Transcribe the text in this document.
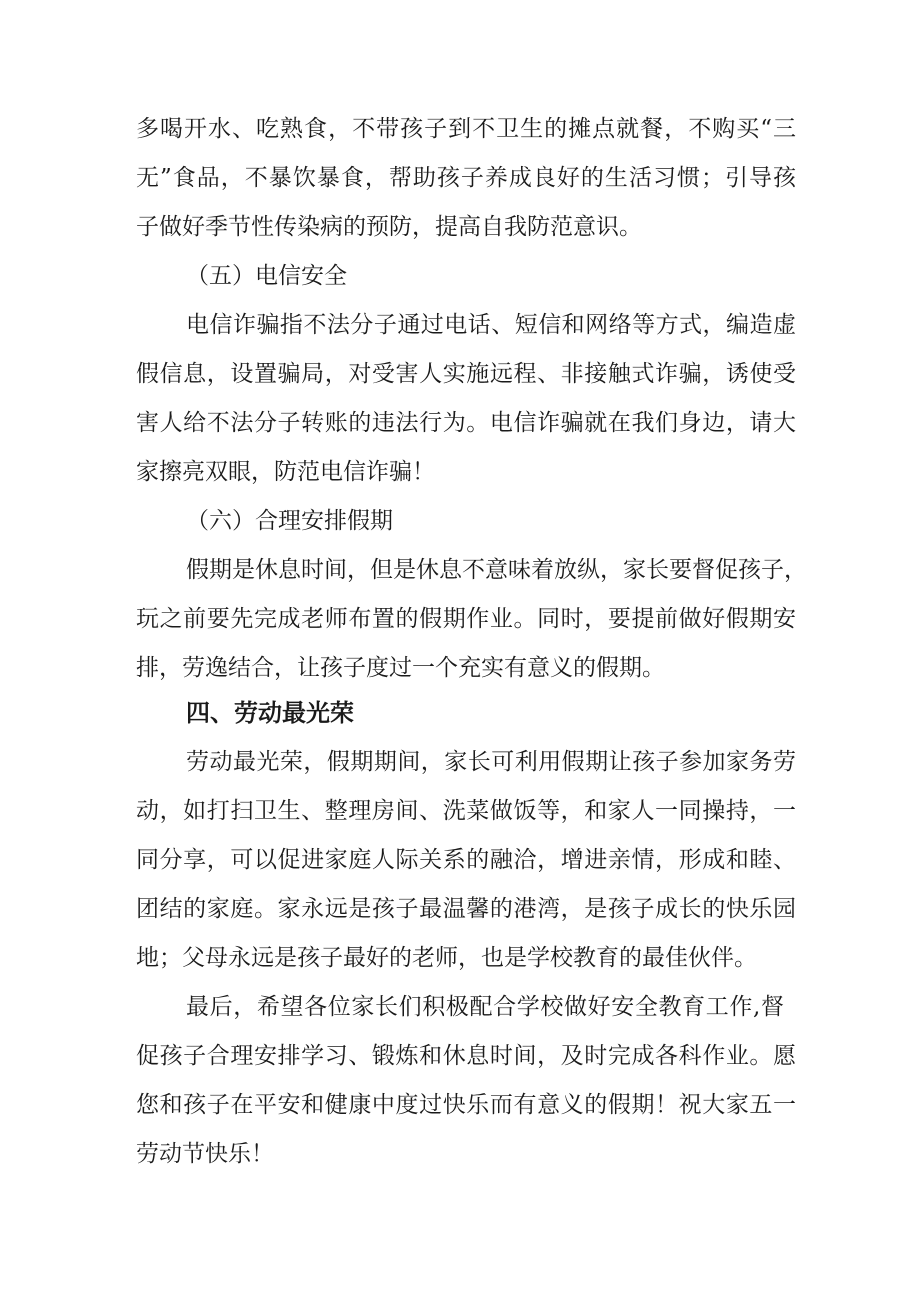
多喝开水、吃熟食，不带孩子到不卫生的摊点就餐，不购买“三
无”食品，不暴饮暴食，帮助孩子养成良好的生活习惯；引导孩
子做好季节性传染病的预防，提高自我防范意识。
（五）电信安全
电信诈骗指不法分子通过电话、短信和网络等方式，编造虚
假信息，设置骗局，对受害人实施远程、非接触式诈骗，诱使受
害人给不法分子转账的违法行为。电信诈骗就在我们身边，请大
家擦亮双眼，防范电信诈骗！
（六）合理安排假期
假期是休息时间，但是休息不意味着放纵，家长要督促孩子，
玩之前要先完成老师布置的假期作业。同时，要提前做好假期安
排，劳逸结合，让孩子度过一个充实有意义的假期。
四、劳动最光荣
劳动最光荣，假期期间，家长可利用假期让孩子参加家务劳
动，如打扫卫生、整理房间、洗菜做饭等，和家人一同操持，一
同分享，可以促进家庭人际关系的融洽，增进亲情，形成和睦、
团结的家庭。家永远是孩子最温馨的港湾，是孩子成长的快乐园
地；父母永远是孩子最好的老师，也是学校教育的最佳伙伴。
最后，希望各位家长们积极配合学校做好安全教育工作,督
促孩子合理安排学习、锻炼和休息时间，及时完成各科作业。愿
您和孩子在平安和健康中度过快乐而有意义的假期！祝大家五一
劳动节快乐！
